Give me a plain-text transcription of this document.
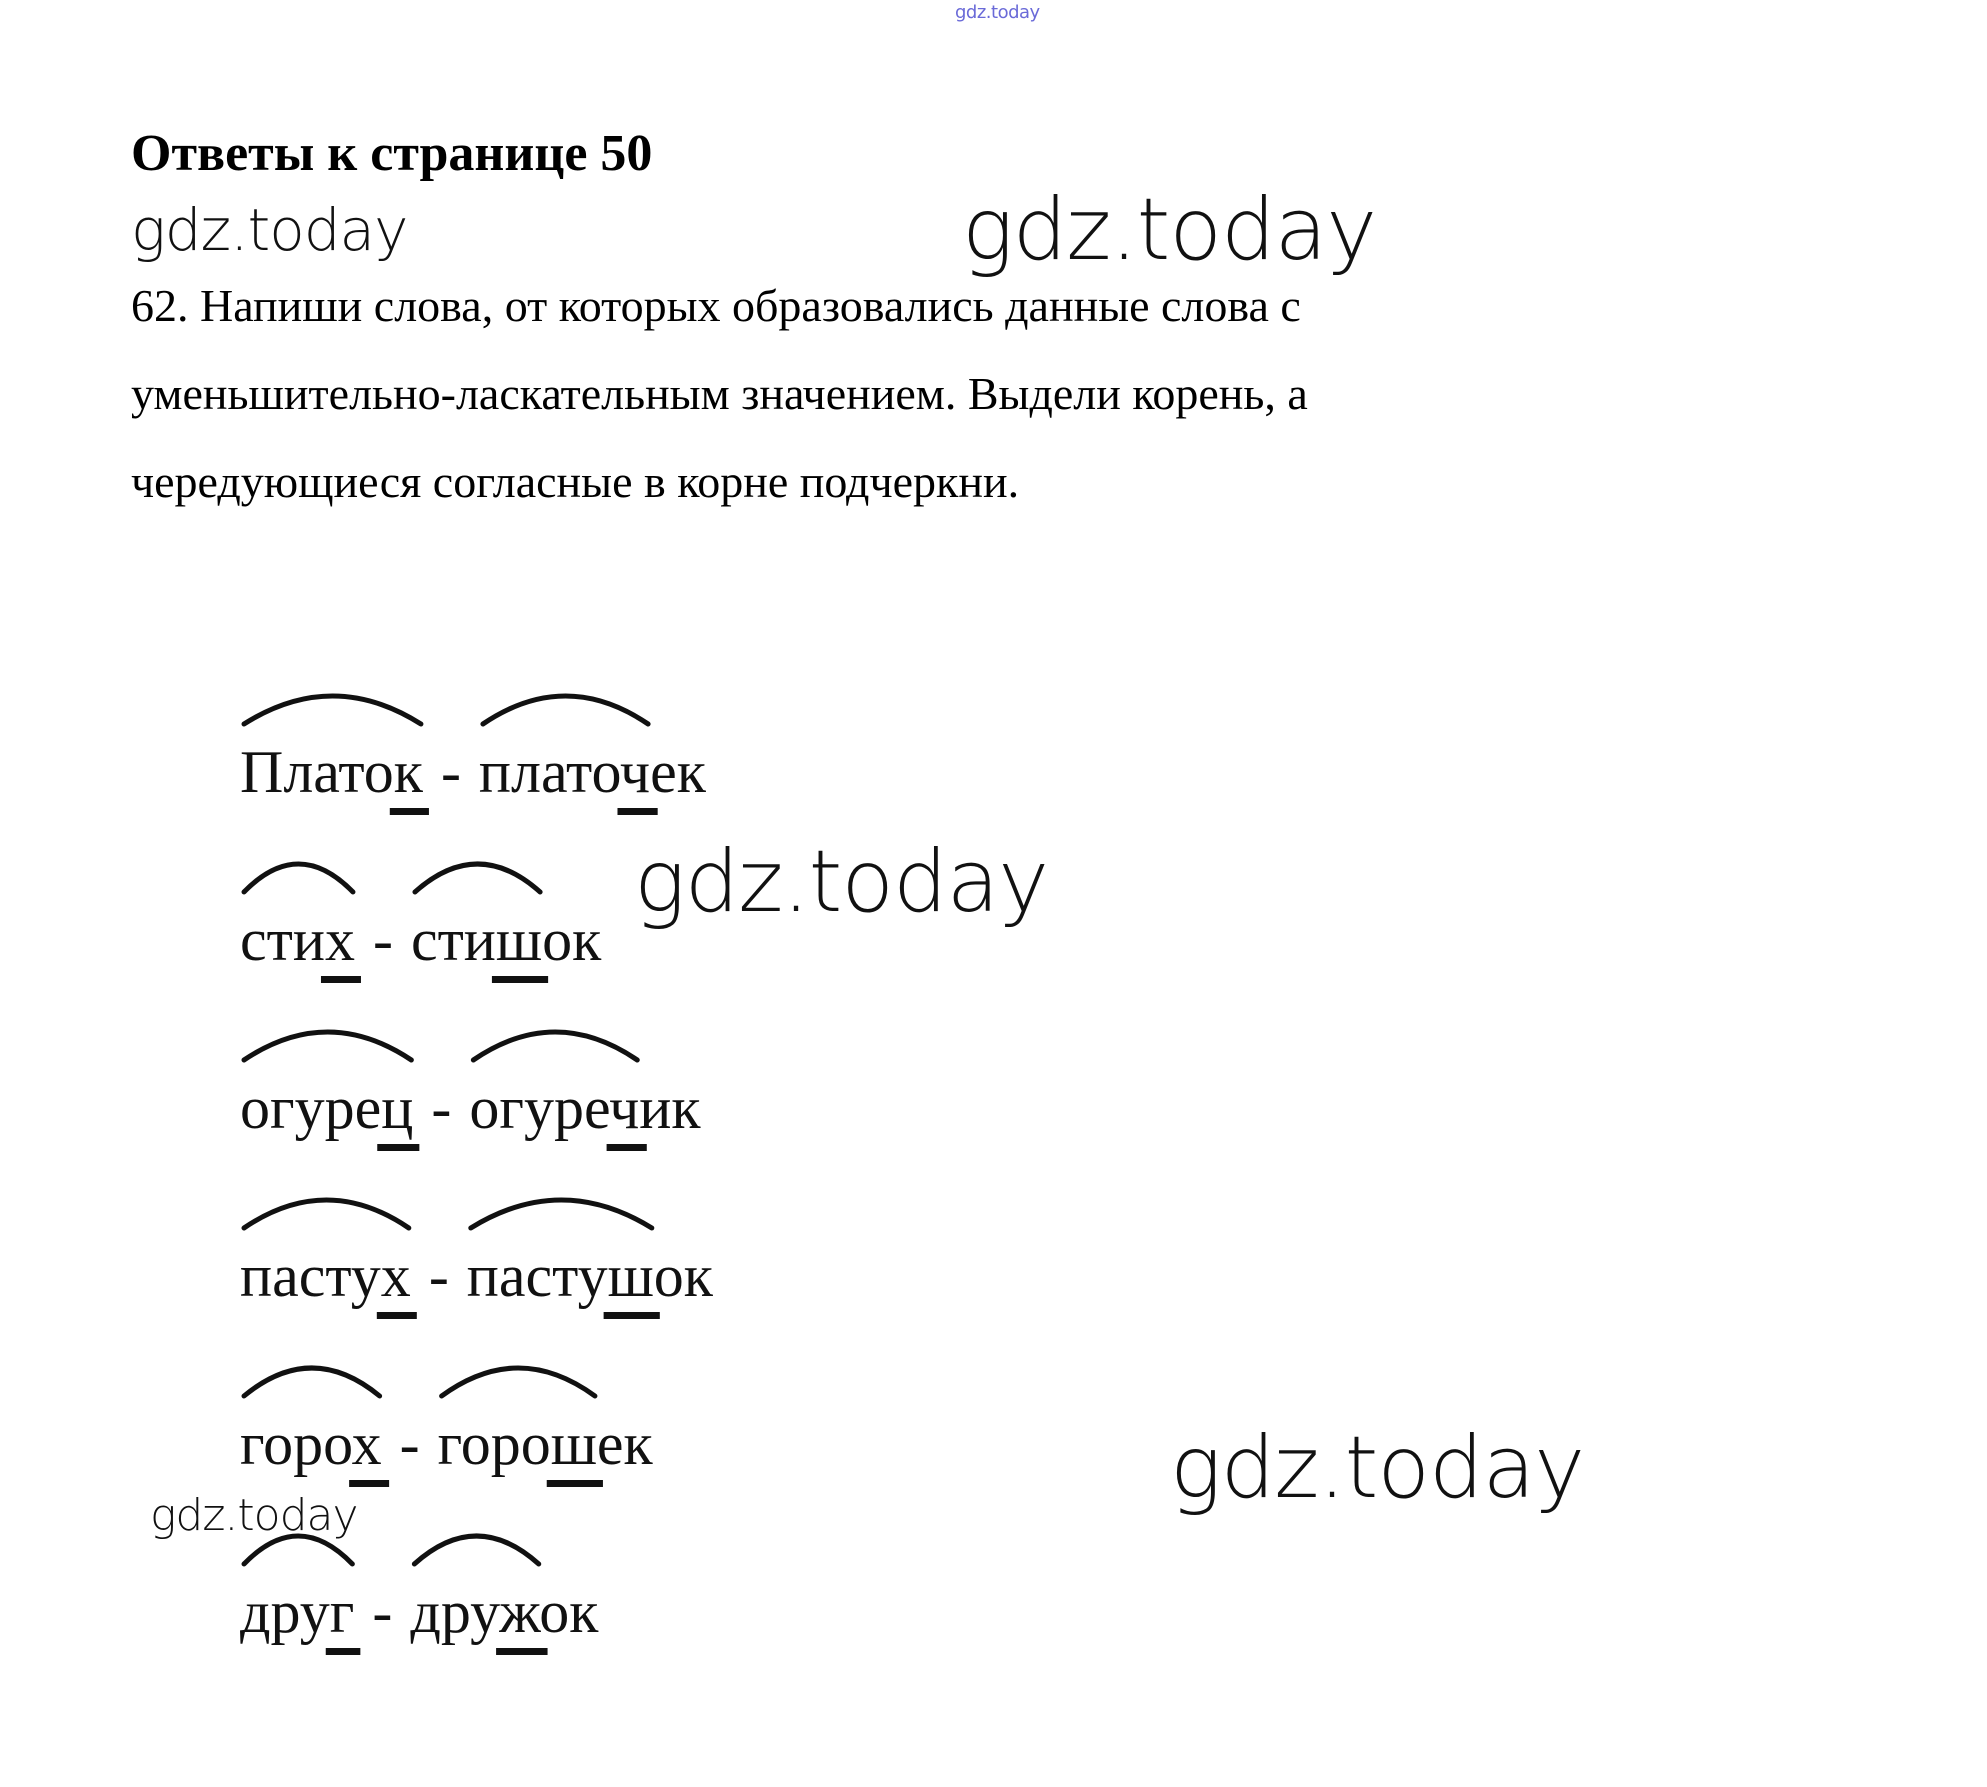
gdz.today
Ответы к странице 50
gdz.today	gdz.today
62. Напиши слова, от которых образовались данные слова с
уменьшительно-ласкательным значением. Выдели корень, а
чередующиеся согласные в корне подчеркни.
Платок - платочек
стих - стишок
огурец - огуречик
пастух - пастушок
горох - горошек
друг - дружок
gdz.today
gdz.today
gdz.today
